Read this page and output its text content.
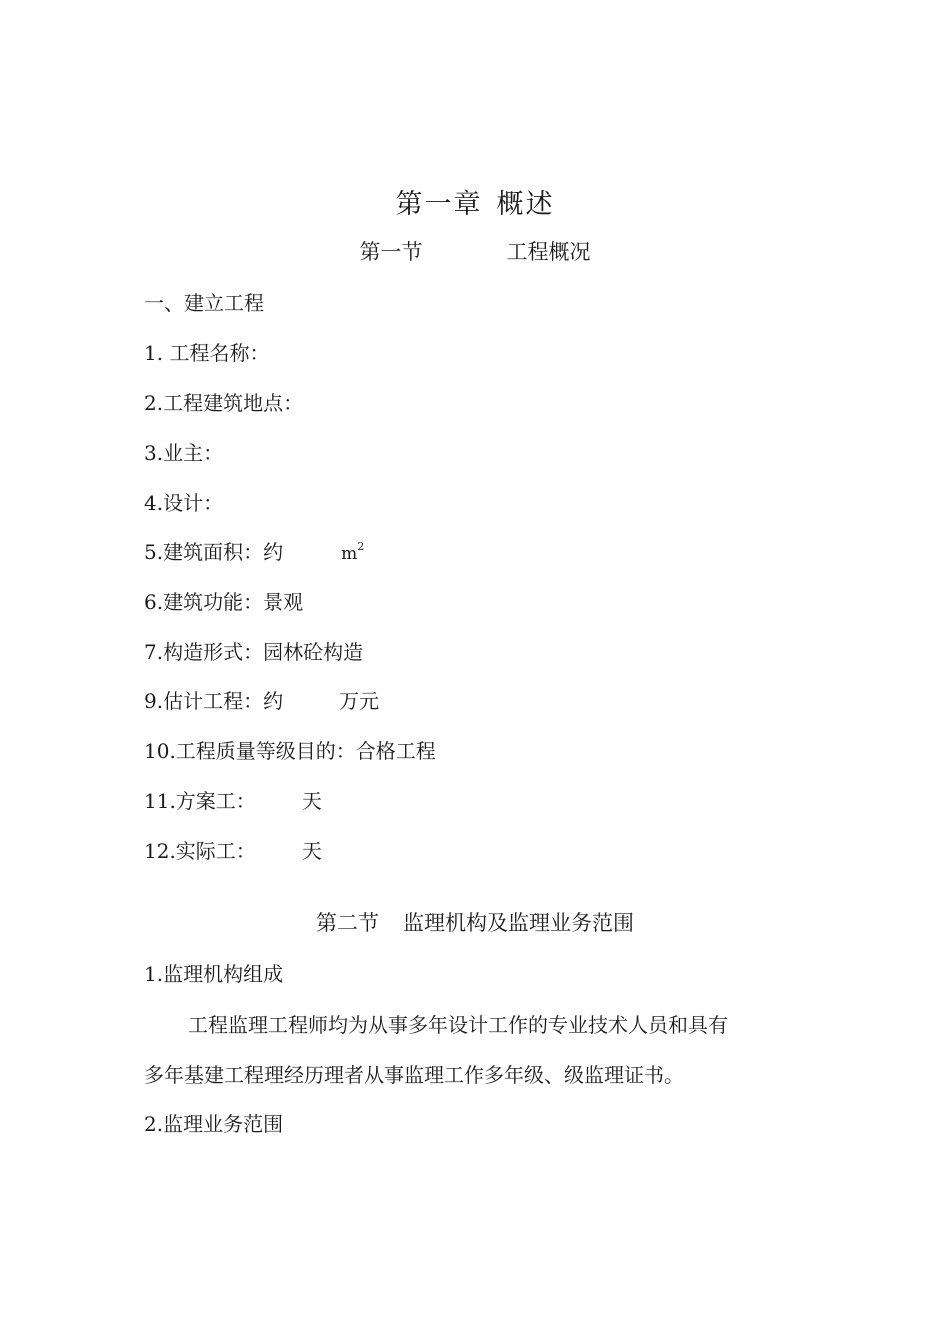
第一章 概述
第一节	工程概况
一、建立工程
1. 工程名称：
2.工程建筑地点：
3.业主：
4.设计：
5.建筑面积：约	$m^2$
6.建筑功能：景观
7.构造形式：园林砼构造
9.估计工程：约	万元
10.工程质量等级目的：合格工程
11.方案工： 天
12.实际工： 天
第二节 监理机构及监理业务范围
1.监理机构组成
工程监理工程师均为从事多年设计工作的专业技术人员和具有
多年基建工程理经历理者从事监理工作多年级、级监理证书。
2.监理业务范围
